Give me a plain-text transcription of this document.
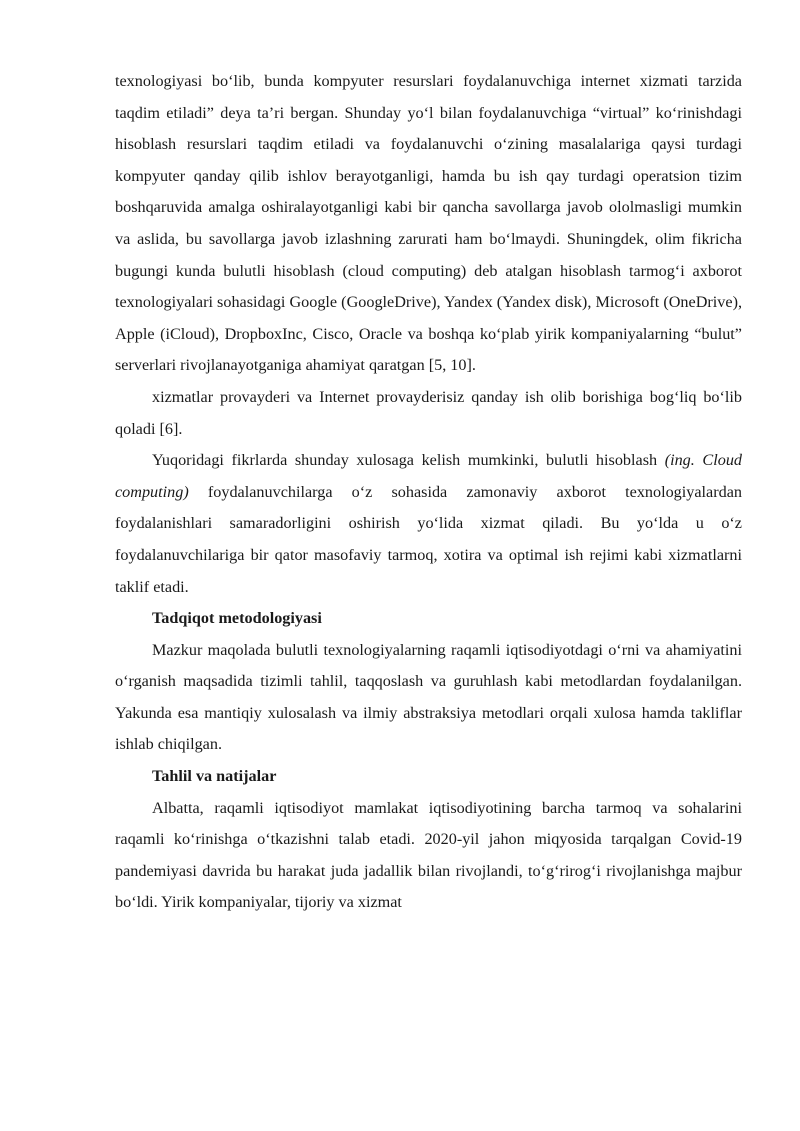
texnologiyasi bo‘lib, bunda kompyuter resurslari foydalanuvchiga internet xizmati tarzida taqdim etiladi” deya ta’ri bergan. Shunday yo‘l bilan foydalanuvchiga “virtual” ko‘rinishdagi hisoblash resurslari taqdim etiladi va foydalanuvchi o‘zining masalalariga qaysi turdagi kompyuter qanday qilib ishlov berayotganligi, hamda bu ish qay turdagi operatsion tizim boshqaruvida amalga oshiralayotganligi kabi bir qancha savollarga javob ololmasligi mumkin va aslida, bu savollarga javob izlashning zarurati ham bo‘lmaydi. Shuningdek, olim fikricha bugungi kunda bulutli hisoblash (cloud computing) deb atalgan hisoblash tarmog‘i axborot texnologiyalari sohasidagi Google (GoogleDrive), Yandex (Yandex disk), Microsoft (OneDrive), Apple (iCloud), DropboxInc, Cisco, Oracle va boshqa ko‘plab yirik kompaniyalarning “bulut” serverlari rivojlanayotganiga ahamiyat qaratgan [5, 10].

xizmatlar provayderi va Internet provayderisiz qanday ish olib borishiga bog‘liq bo‘lib qoladi [6].

Yuqoridagi fikrlarda shunday xulosaga kelish mumkinki, bulutli hisoblash (ing. Cloud computing) foydalanuvchilarga o‘z sohasida zamonaviy axborot texnologiyalardan foydalanishlari samaradorligini oshirish yo‘lida xizmat qiladi. Bu yo‘lda u o‘z foydalanuvchilariga bir qator masofaviy tarmoq, xotira va optimal ish rejimi kabi xizmatlarni taklif etadi.

Tadqiqot metodologiyasi

Mazkur maqolada bulutli texnologiyalarning raqamli iqtisodiyotdagi o‘rni va ahamiyatini o‘rganish maqsadida tizimli tahlil, taqqoslash va guruhlash kabi metodlardan foydalanilgan. Yakunda esa mantiqiy xulosalash va ilmiy abstraksiya metodlari orqali xulosa hamda takliflar ishlab chiqilgan.

Tahlil va natijalar

Albatta, raqamli iqtisodiyot mamlakat iqtisodiyotining barcha tarmoq va sohalarini raqamli ko‘rinishga o‘tkazishni talab etadi. 2020-yil jahon miqyosida tarqalgan Covid-19 pandemiyasi davrida bu harakat juda jadallik bilan rivojlandi, to‘g‘rirog‘i rivojlanishga majbur bo‘ldi. Yirik kompaniyalar, tijoriy va xizmat
